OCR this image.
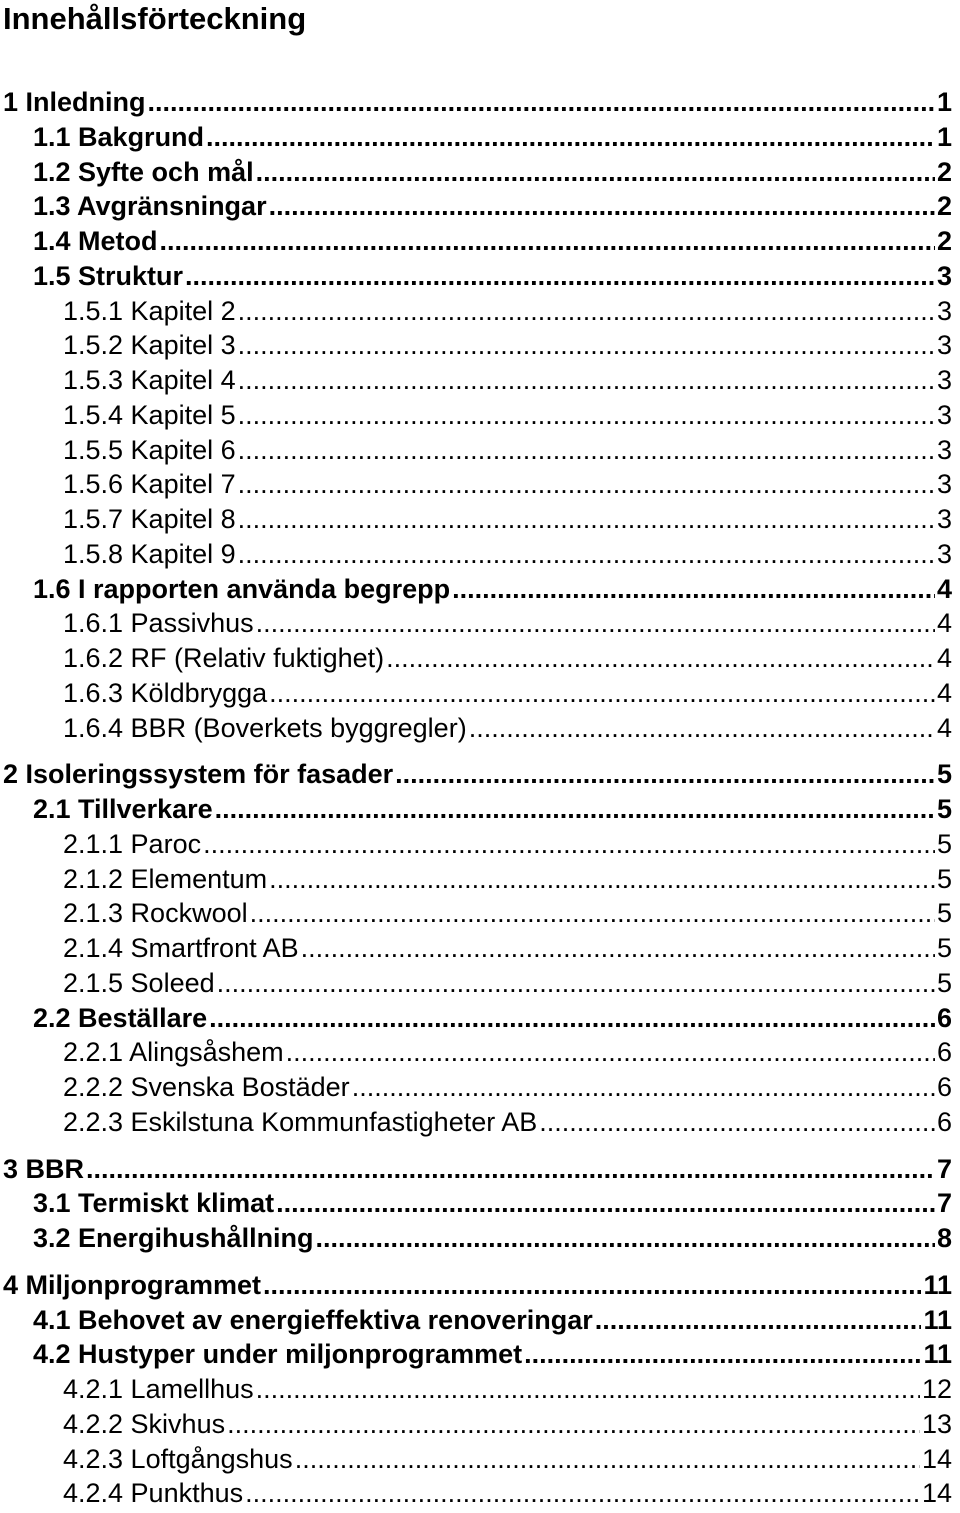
Innehållsförteckning
1 Inledning .....	1
1.1 Bakgrund .....	1
1.2 Syfte och mål .....	2
1.3 Avgränsningar .....	2
1.4 Metod .....	2
1.5 Struktur .....	3
1.5.1 Kapitel 2 .....	3
1.5.2 Kapitel 3 .....	3
1.5.3 Kapitel 4 .....	3
1.5.4 Kapitel 5 .....	3
1.5.5 Kapitel 6 .....	3
1.5.6 Kapitel 7 .....	3
1.5.7 Kapitel 8 .....	3
1.5.8 Kapitel 9 .....	3
1.6 I rapporten använda begrepp .....	4
1.6.1 Passivhus .....	4
1.6.2 RF (Relativ fuktighet) .....	4
1.6.3 Köldbrygga .....	4
1.6.4 BBR (Boverkets byggregler) .....	4
2 Isoleringssystem för fasader .....	5
2.1 Tillverkare .....	5
2.1.1 Paroc .....	5
2.1.2 Elementum .....	5
2.1.3 Rockwool .....	5
2.1.4 Smartfront AB .....	5
2.1.5 Soleed .....	5
2.2 Beställare .....	6
2.2.1 Alingsåshem .....	6
2.2.2 Svenska Bostäder .....	6
2.2.3 Eskilstuna Kommunfastigheter AB .....	6
3 BBR .....	7
3.1 Termiskt klimat .....	7
3.2 Energihushållning .....	8
4 Miljonprogrammet .....	11
4.1 Behovet av energieffektiva renoveringar .....	11
4.2 Hustyper under miljonprogrammet .....	11
4.2.1 Lamellhus .....	12
4.2.2 Skivhus .....	13
4.2.3 Loftgångshus .....	14
4.2.4 Punkthus .....	14
